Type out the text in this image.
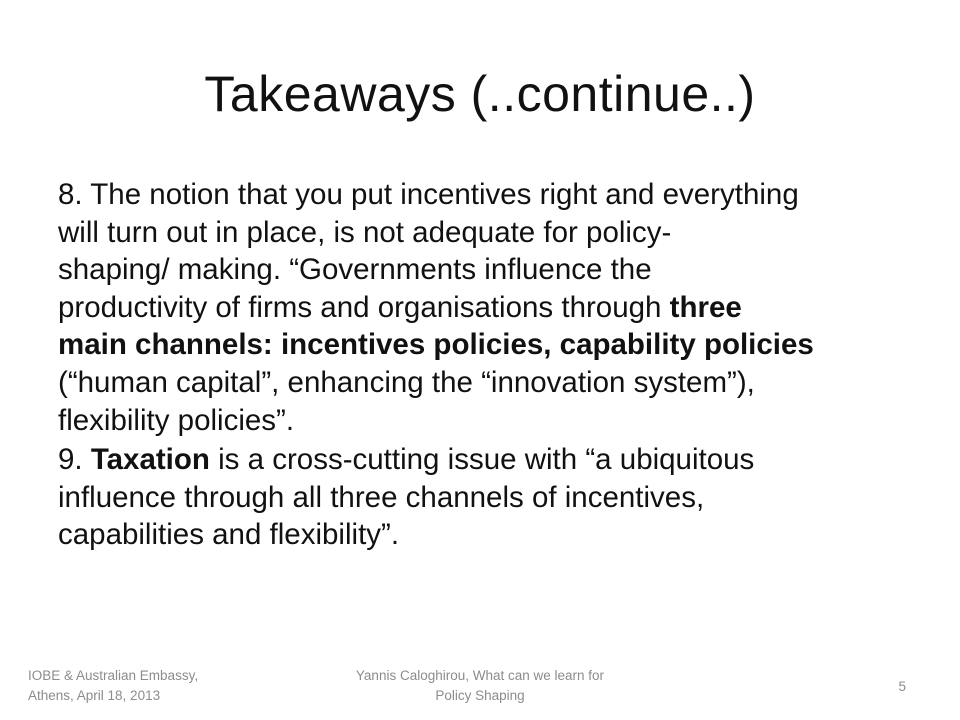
Takeaways (..continue..)

8. The notion that you put incentives right and everything
will turn out in place, is not adequate for policy-
shaping/ making. “Governments influence the
productivity of firms and organisations through three
main channels: incentives policies, capability policies
(“human capital”, enhancing the “innovation system”),
flexibility policies”.

9. Taxation is a cross-cutting issue with “a ubiquitous
influence through all three channels of incentives,
capabilities and flexibility”.

IOBE & Australian Embassy,
Athens, April 18, 2013
Yannis Caloghirou, What can we learn for
Policy Shaping
5
